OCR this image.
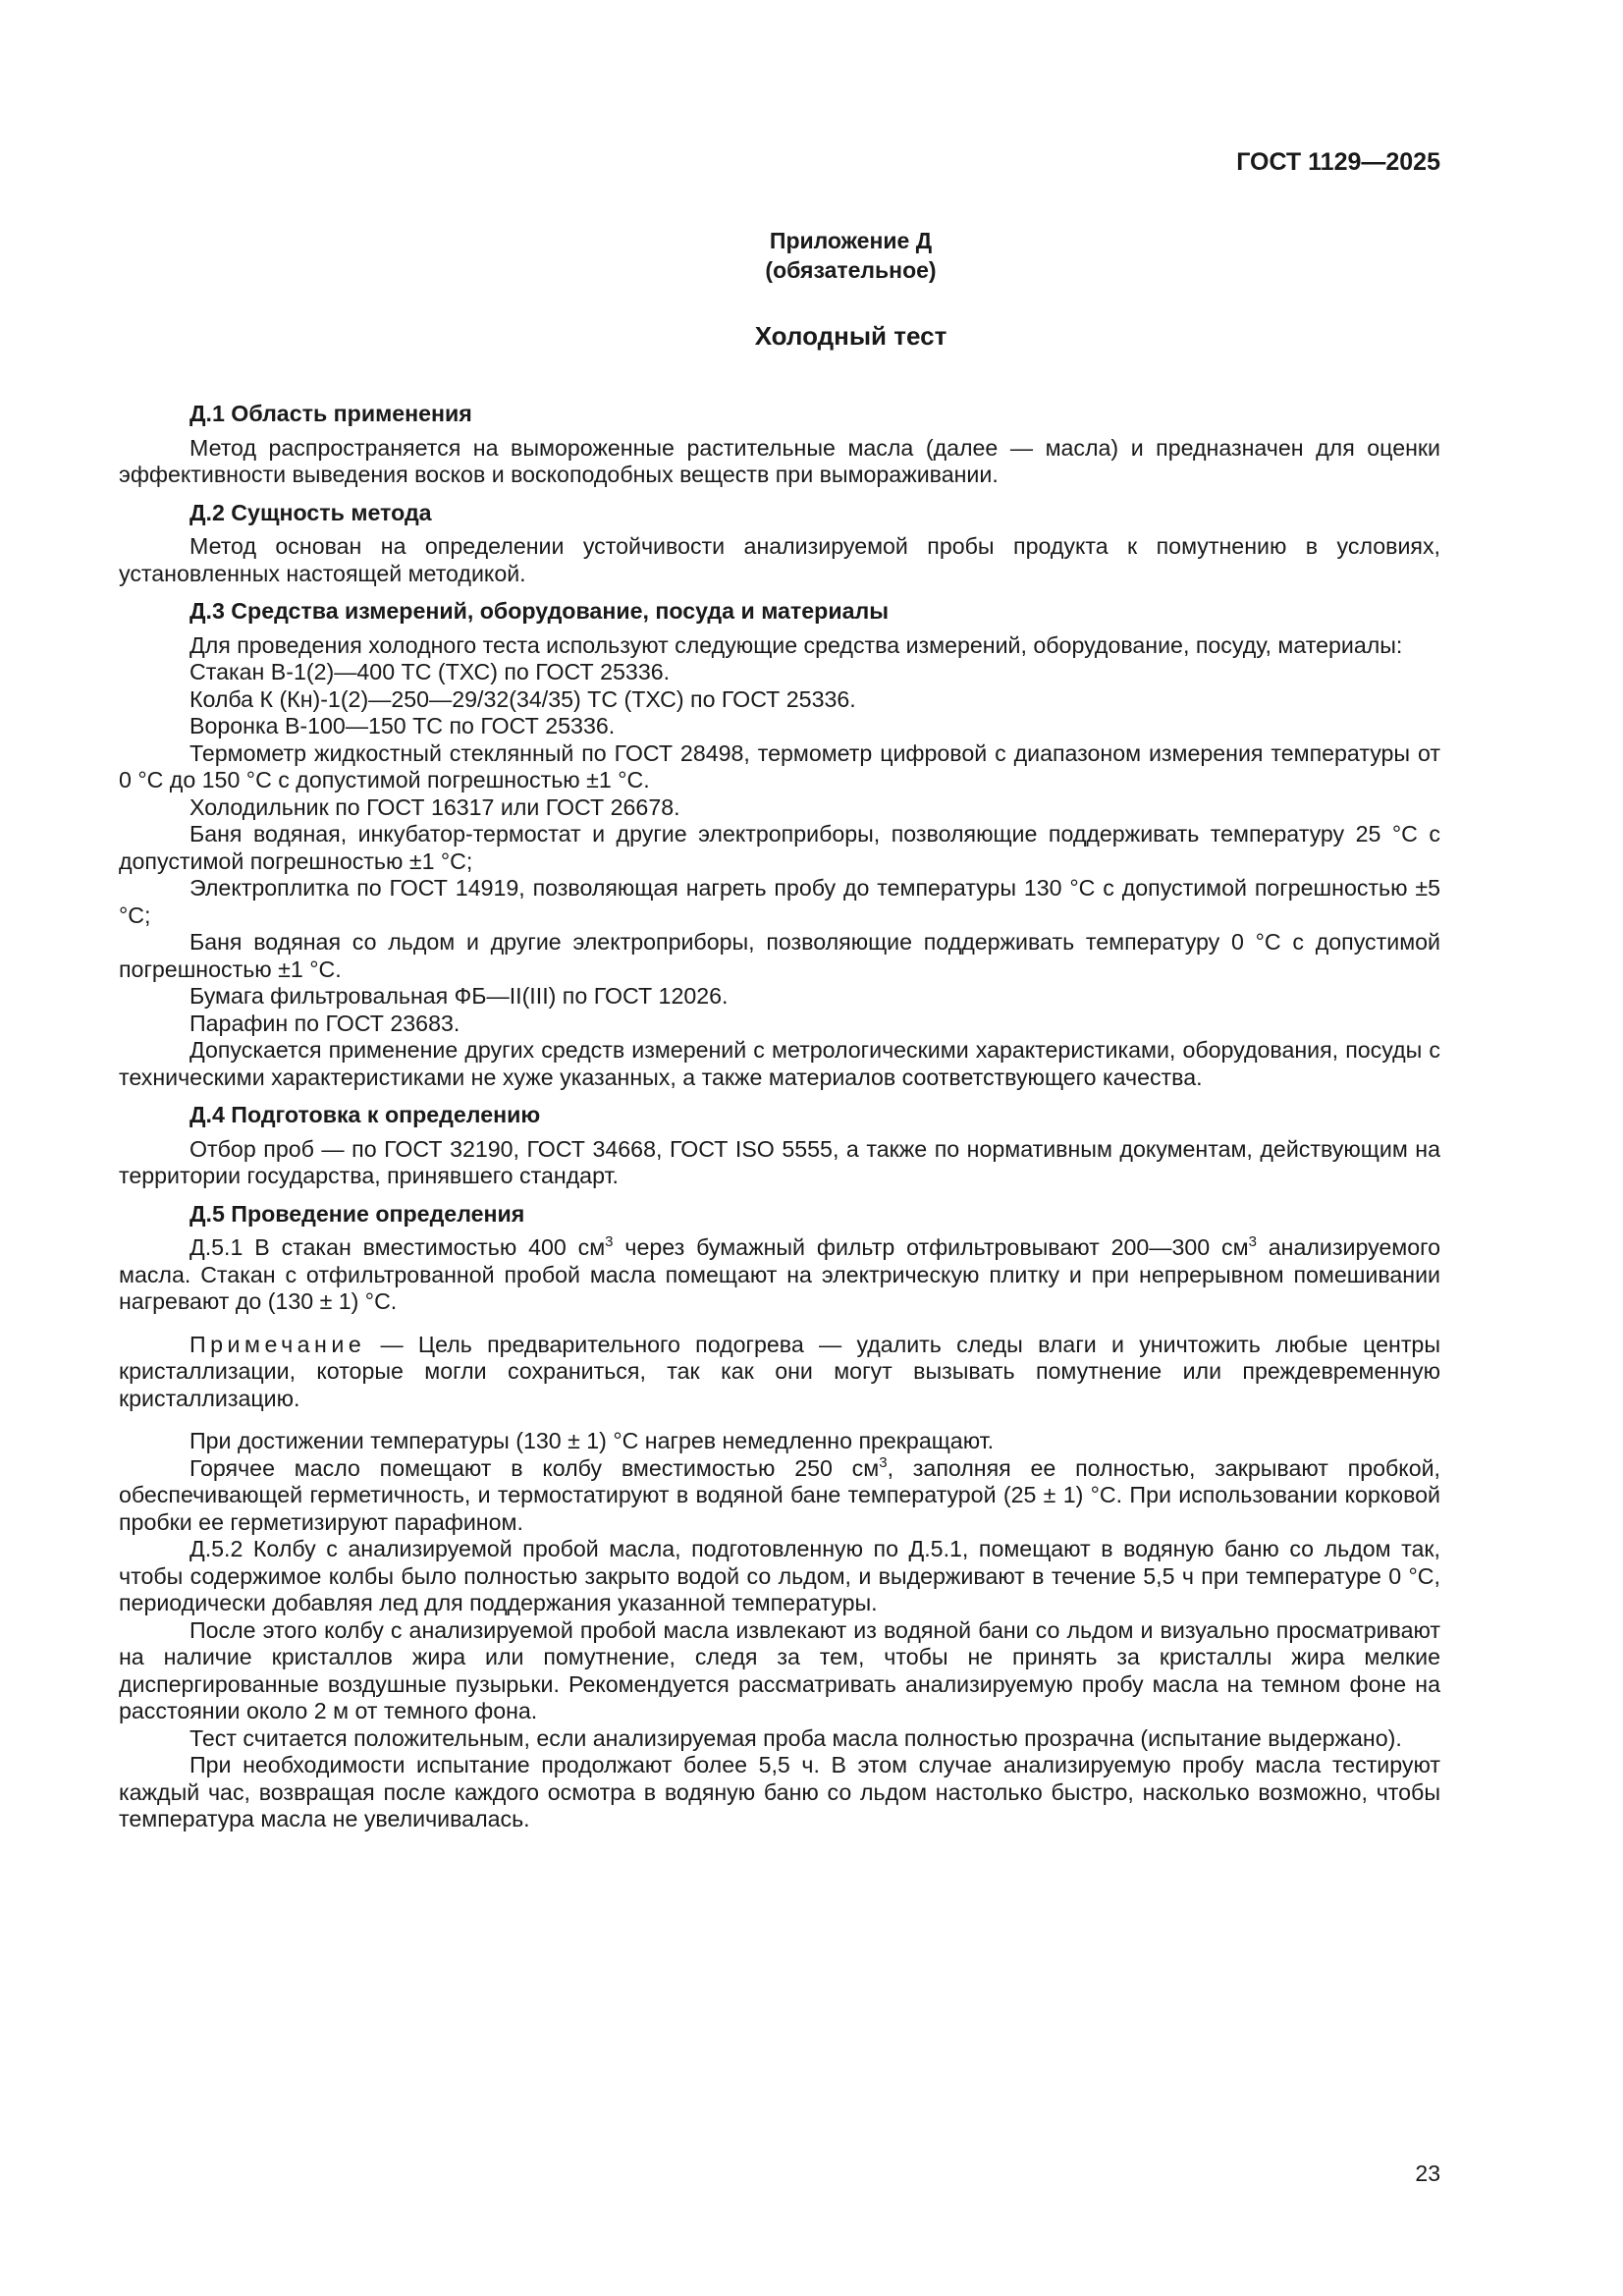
ГОСТ 1129—2025
Приложение Д
(обязательное)
Холодный тест
Д.1 Область применения

Метод распространяется на вымороженные растительные масла (далее — масла) и предназначен для оценки эффективности выведения восков и воскоподобных веществ при вымораживании.

Д.2 Сущность метода

Метод основан на определении устойчивости анализируемой пробы продукта к помутнению в условиях, установленных настоящей методикой.

Д.3 Средства измерений, оборудование, посуда и материалы

Для проведения холодного теста используют следующие средства измерений, оборудование, посуду, материалы:

Стакан В-1(2)—400 ТС (ТХС) по ГОСТ 25336.

Колба К (Кн)-1(2)—250—29/32(34/35) ТС (ТХС) по ГОСТ 25336.

Воронка В-100—150 ТС по ГОСТ 25336.

Термометр жидкостный стеклянный по ГОСТ 28498, термометр цифровой с диапазоном измерения температуры от 0 °С до 150 °С с допустимой погрешностью ±1 °С.

Холодильник по ГОСТ 16317 или ГОСТ 26678.

Баня водяная, инкубатор-термостат и другие электроприборы, позволяющие поддерживать температуру 25 °С с допустимой погрешностью ±1 °С;

Электроплитка по ГОСТ 14919, позволяющая нагреть пробу до температуры 130 °С с допустимой погрешностью ±5 °С;

Баня водяная со льдом и другие электроприборы, позволяющие поддерживать температуру 0 °С с допустимой погрешностью ±1 °С.

Бумага фильтровальная ФБ—II(III) по ГОСТ 12026.

Парафин по ГОСТ 23683.

Допускается применение других средств измерений с метрологическими характеристиками, оборудования, посуды с техническими характеристиками не хуже указанных, а также материалов соответствующего качества.

Д.4 Подготовка к определению

Отбор проб — по ГОСТ 32190, ГОСТ 34668, ГОСТ ISO 5555, а также по нормативным документам, действующим на территории государства, принявшего стандарт.

Д.5 Проведение определения

Д.5.1 В стакан вместимостью 400 $см^3$ через бумажный фильтр отфильтровывают 200—300 $см^3$ анализируемого масла. Стакан с отфильтрованной пробой масла помещают на электрическую плитку и при непрерывном помешивании нагревают до (130 ± 1) °С.

Примечание — Цель предварительного подогрева — удалить следы влаги и уничтожить любые центры кристаллизации, которые могли сохраниться, так как они могут вызывать помутнение или преждевременную кристаллизацию.

При достижении температуры (130 ± 1) °С нагрев немедленно прекращают.

Горячее масло помещают в колбу вместимостью 250 $см^3$, заполняя ее полностью, закрывают пробкой, обеспечивающей герметичность, и термостатируют в водяной бане температурой (25 ± 1) °С. При использовании корковой пробки ее герметизируют парафином.

Д.5.2 Колбу с анализируемой пробой масла, подготовленную по Д.5.1, помещают в водяную баню со льдом так, чтобы содержимое колбы было полностью закрыто водой со льдом, и выдерживают в течение 5,5 ч при температуре 0 °С, периодически добавляя лед для поддержания указанной температуры.

После этого колбу с анализируемой пробой масла извлекают из водяной бани со льдом и визуально просматривают на наличие кристаллов жира или помутнение, следя за тем, чтобы не принять за кристаллы жира мелкие диспергированные воздушные пузырьки. Рекомендуется рассматривать анализируемую пробу масла на темном фоне на расстоянии около 2 м от темного фона.

Тест считается положительным, если анализируемая проба масла полностью прозрачна (испытание выдержано).

При необходимости испытание продолжают более 5,5 ч. В этом случае анализируемую пробу масла тестируют каждый час, возвращая после каждого осмотра в водяную баню со льдом настолько быстро, насколько возможно, чтобы температура масла не увеличивалась.

23
